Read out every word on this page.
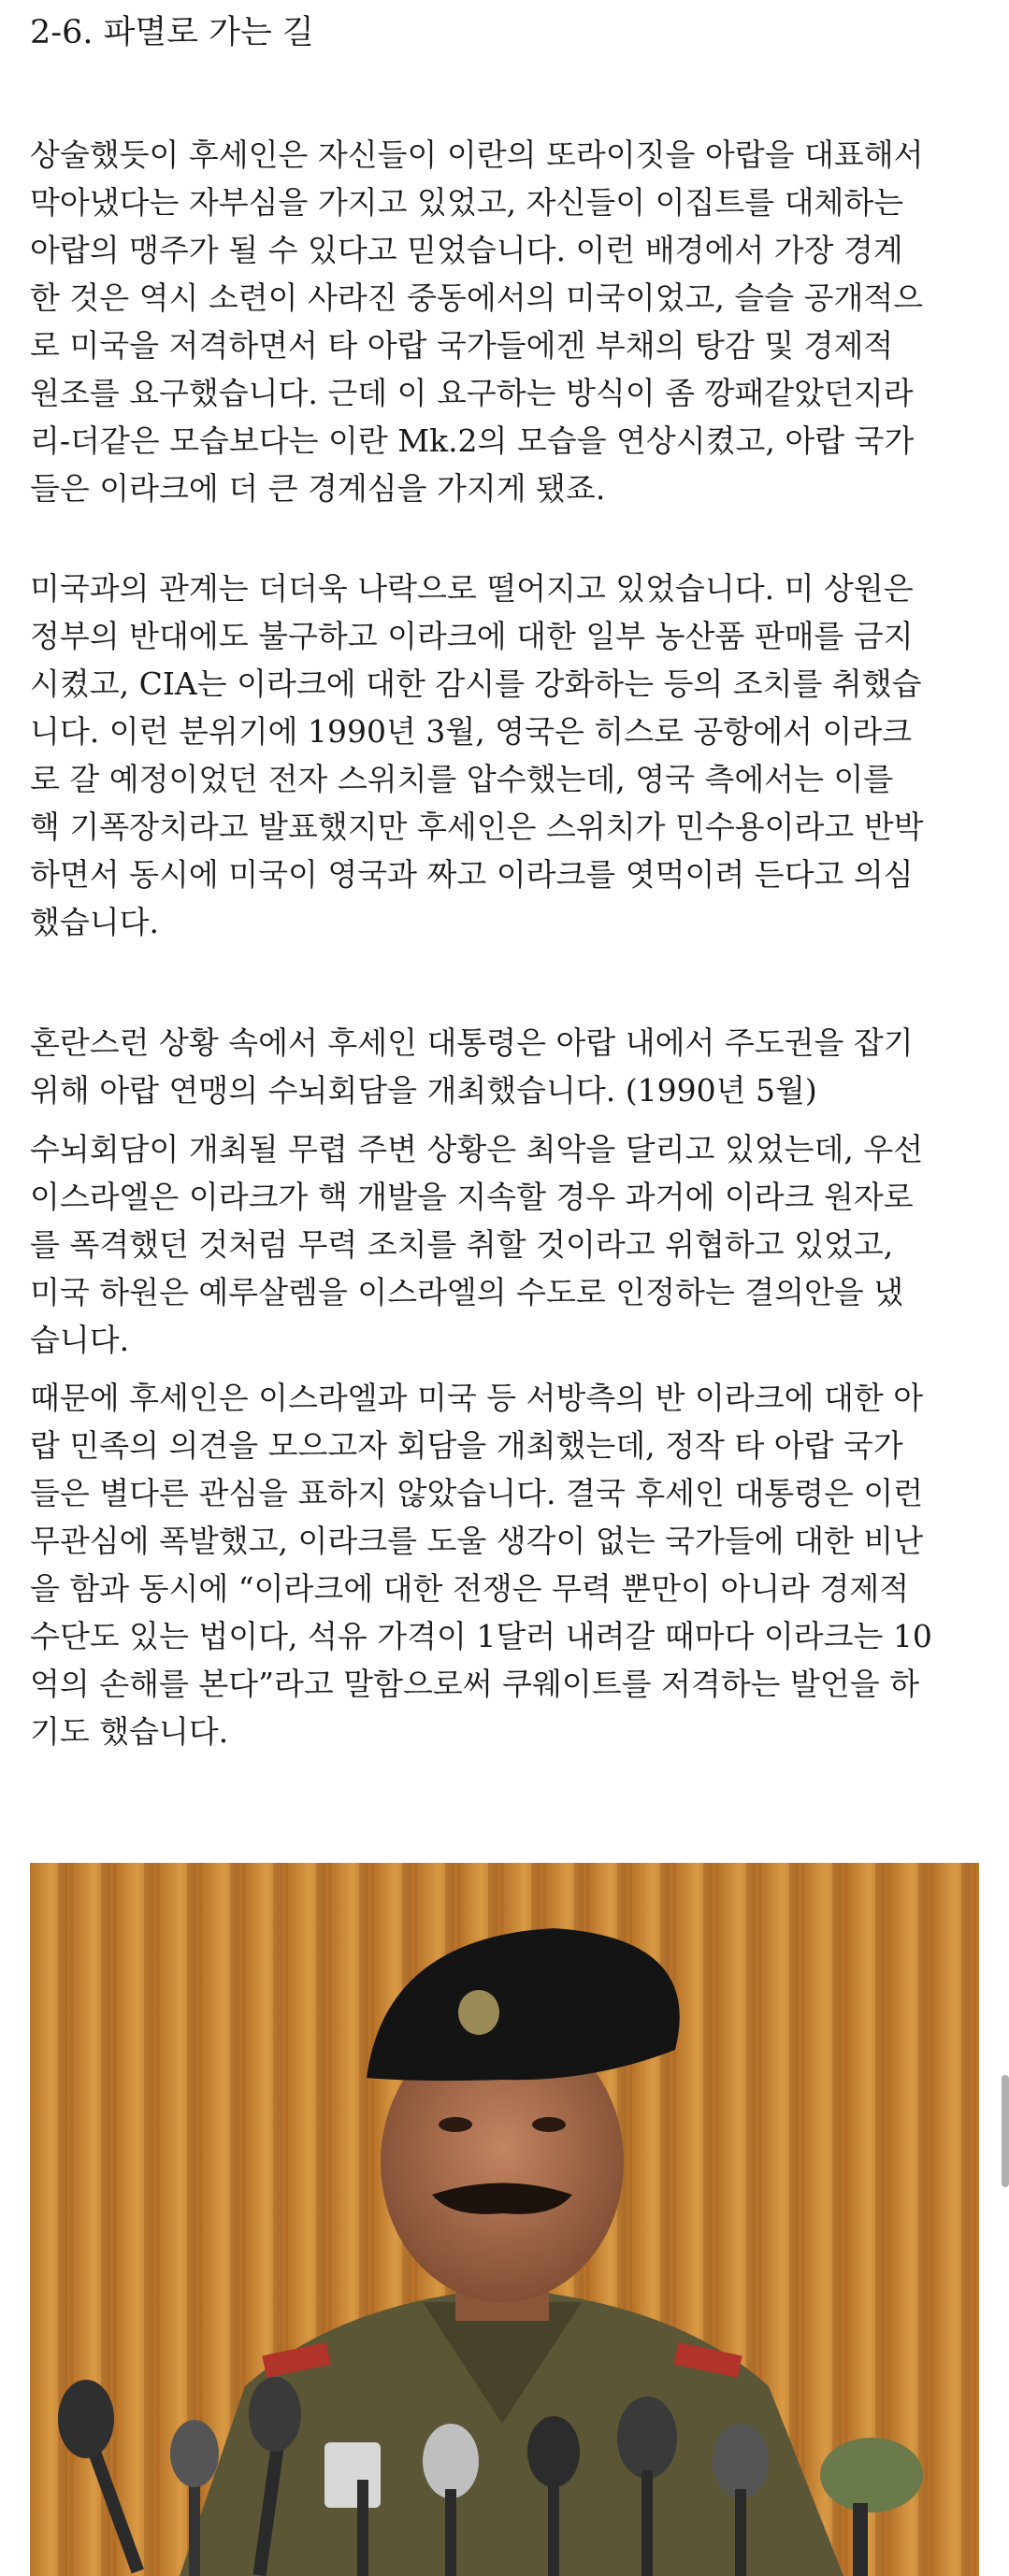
2-6. 파멸로 가는 길
상술했듯이 후세인은 자신들이 이란의 또라이짓을 아랍을 대표해서
막아냈다는 자부심을 가지고 있었고, 자신들이 이집트를 대체하는
아랍의 맹주가 될 수 있다고 믿었습니다. 이런 배경에서 가장 경계
한 것은 역시 소련이 사라진 중동에서의 미국이었고, 슬슬 공개적으
로 미국을 저격하면서 타 아랍 국가들에겐 부채의 탕감 및 경제적
원조를 요구했습니다. 근데 이 요구하는 방식이 좀 깡패같았던지라
리-더같은 모습보다는 이란 Mk.2의 모습을 연상시켰고, 아랍 국가
들은 이라크에 더 큰 경계심을 가지게 됐죠.
미국과의 관계는 더더욱 나락으로 떨어지고 있었습니다. 미 상원은
정부의 반대에도 불구하고 이라크에 대한 일부 농산품 판매를 금지
시켰고, CIA는 이라크에 대한 감시를 강화하는 등의 조치를 취했습
니다. 이런 분위기에 1990년 3월, 영국은 히스로 공항에서 이라크
로 갈 예정이었던 전자 스위치를 압수했는데, 영국 측에서는 이를
핵 기폭장치라고 발표했지만 후세인은 스위치가 민수용이라고 반박
하면서 동시에 미국이 영국과 짜고 이라크를 엿먹이려 든다고 의심
했습니다.
혼란스런 상황 속에서 후세인 대통령은 아랍 내에서 주도권을 잡기
위해 아랍 연맹의 수뇌회담을 개최했습니다. (1990년 5월)
수뇌회담이 개최될 무렵 주변 상황은 최악을 달리고 있었는데, 우선
이스라엘은 이라크가 핵 개발을 지속할 경우 과거에 이라크 원자로
를 폭격했던 것처럼 무력 조치를 취할 것이라고 위협하고 있었고,
미국 하원은 예루살렘을 이스라엘의 수도로 인정하는 결의안을 냈
습니다.
때문에 후세인은 이스라엘과 미국 등 서방측의 반 이라크에 대한 아
랍 민족의 의견을 모으고자 회담을 개최했는데, 정작 타 아랍 국가
들은 별다른 관심을 표하지 않았습니다. 결국 후세인 대통령은 이런
무관심에 폭발했고, 이라크를 도울 생각이 없는 국가들에 대한 비난
을 함과 동시에 “이라크에 대한 전쟁은 무력 뿐만이 아니라 경제적
수단도 있는 법이다, 석유 가격이 1달러 내려갈 때마다 이라크는 10
억의 손해를 본다”라고 말함으로써 쿠웨이트를 저격하는 발언을 하
기도 했습니다.
